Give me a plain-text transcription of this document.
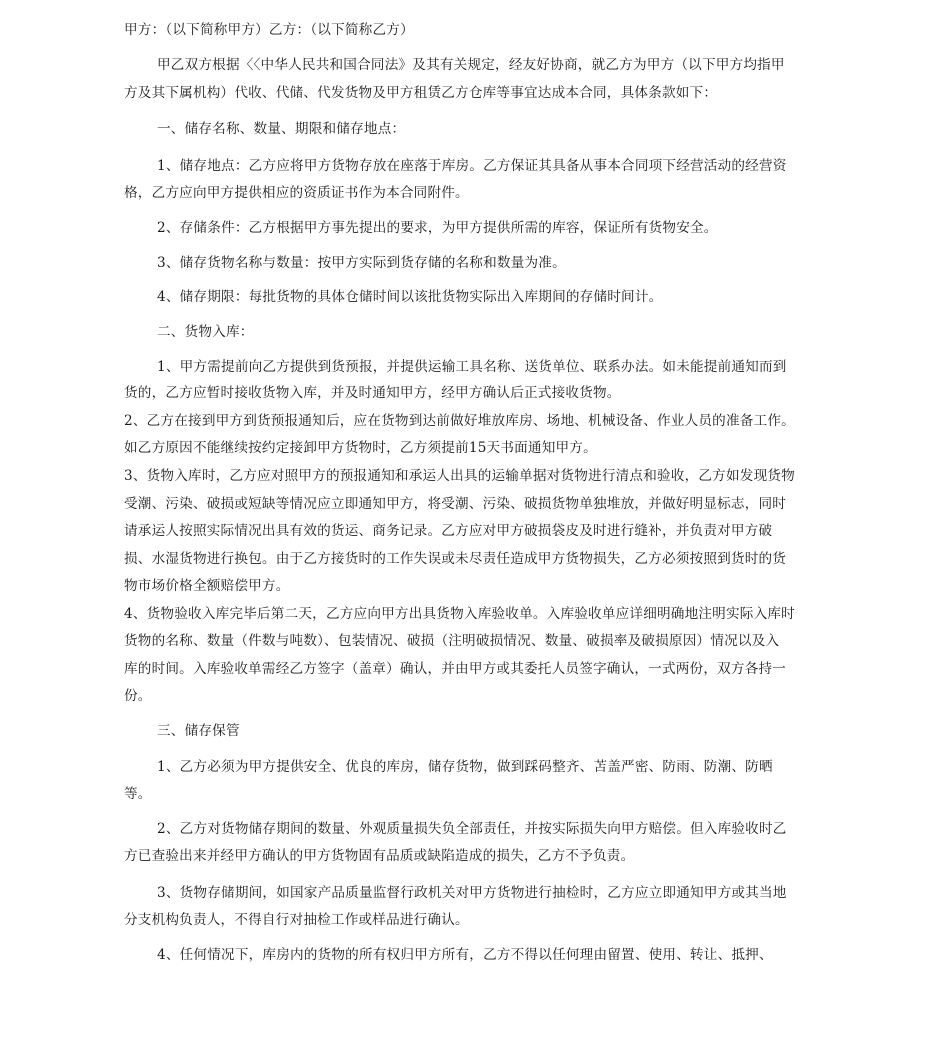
甲方：（以下简称甲方）乙方：（以下简称乙方）
甲乙双方根据〈〈中华人民共和国合同法》及其有关规定，经友好协商，就乙方为甲方（以下甲方均指甲
方及其下属机构）代收、代储、代发货物及甲方租赁乙方仓库等事宜达成本合同，具体条款如下：
一、储存名称、数量、期限和储存地点：
1、储存地点：乙方应将甲方货物存放在座落于库房。乙方保证其具备从事本合同项下经营活动的经营资
格，乙方应向甲方提供相应的资质证书作为本合同附件。
2、存储条件：乙方根据甲方事先提出的要求，为甲方提供所需的库容，保证所有货物安全。
3、储存货物名称与数量：按甲方实际到货存储的名称和数量为准。
4、储存期限：每批货物的具体仓储时间以该批货物实际出入库期间的存储时间计。
二、货物入库：
1、甲方需提前向乙方提供到货预报，并提供运输工具名称、送货单位、联系办法。如未能提前通知而到
货的，乙方应暂时接收货物入库，并及时通知甲方，经甲方确认后正式接收货物。
2、乙方在接到甲方到货预报通知后，应在货物到达前做好堆放库房、场地、机械设备、作业人员的准备工作。
如乙方原因不能继续按约定接卸甲方货物时，乙方须提前15天书面通知甲方。
3、货物入库时，乙方应对照甲方的预报通知和承运人出具的运输单据对货物进行清点和验收，乙方如发现货物
受潮、污染、破损或短缺等情况应立即通知甲方，将受潮、污染、破损货物单独堆放，并做好明显标志，同时
请承运人按照实际情况出具有效的货运、商务记录。乙方应对甲方破损袋皮及时进行缝补，并负责对甲方破
损、水湿货物进行换包。由于乙方接货时的工作失误或未尽责任造成甲方货物损失，乙方必须按照到货时的货
物市场价格全额赔偿甲方。
4、货物验收入库完毕后第二天，乙方应向甲方出具货物入库验收单。入库验收单应详细明确地注明实际入库时
货物的名称、数量（件数与吨数）、包装情况、破损（注明破损情况、数量、破损率及破损原因）情况以及入
库的时间。入库验收单需经乙方签字（盖章）确认，并由甲方或其委托人员签字确认，一式两份，双方各持一
份。
三、储存保管
1、乙方必须为甲方提供安全、优良的库房，储存货物，做到踩码整齐、苫盖严密、防雨、防潮、防晒
等。
2、乙方对货物储存期间的数量、外观质量损失负全部责任，并按实际损失向甲方赔偿。但入库验收时乙
方已查验出来并经甲方确认的甲方货物固有品质或缺陷造成的损失，乙方不予负责。
3、货物存储期间，如国家产品质量监督行政机关对甲方货物进行抽检时，乙方应立即通知甲方或其当地
分支机构负责人，不得自行对抽检工作或样品进行确认。
4、任何情况下，库房内的货物的所有权归甲方所有，乙方不得以任何理由留置、使用、转让、抵押、
